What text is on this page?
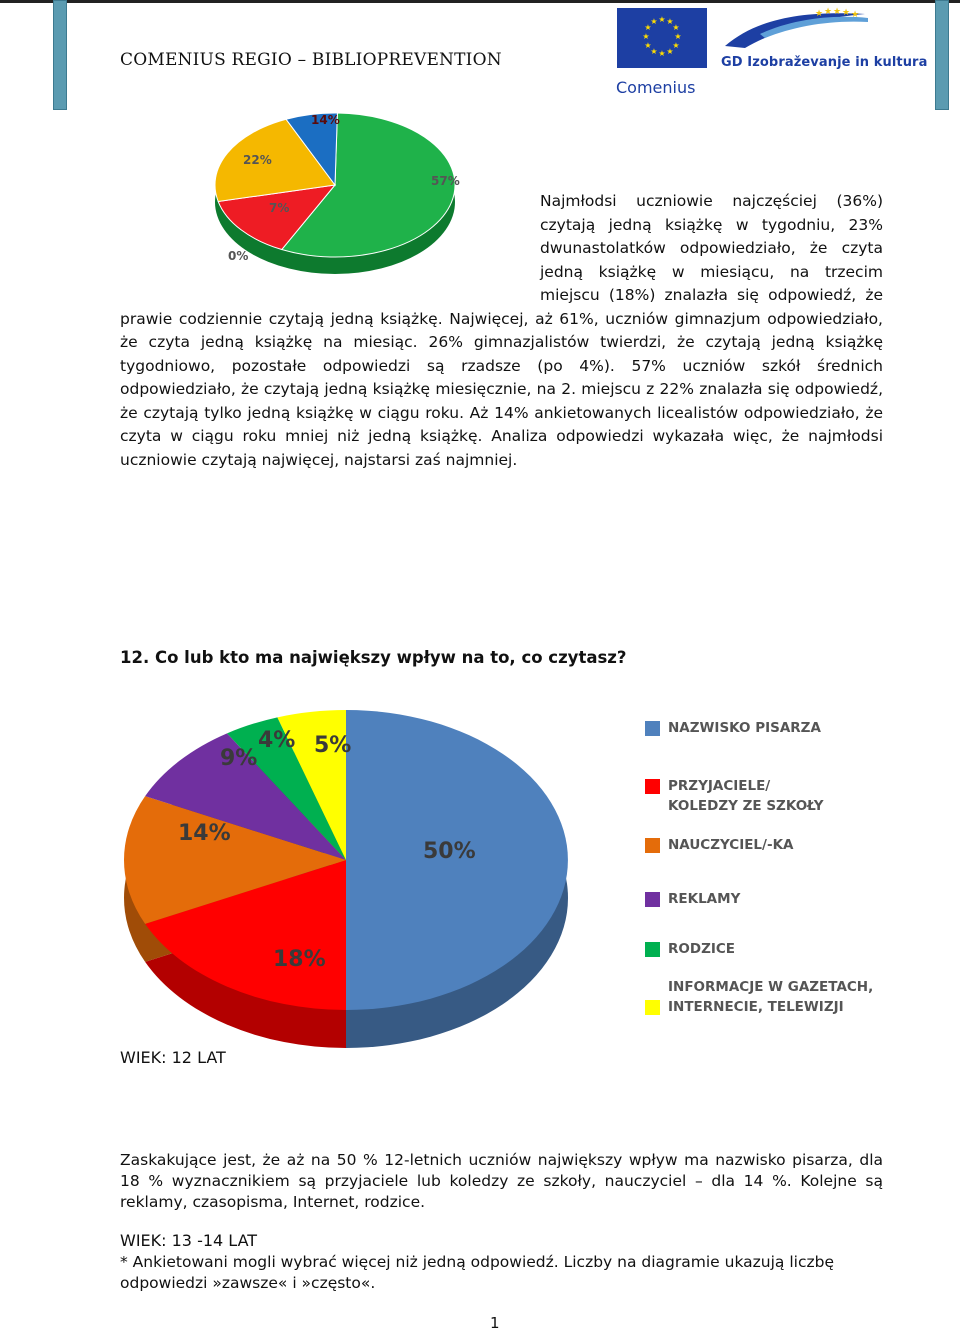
COMENIUS REGIO – BIBLIOPREVENTION
★ ★
★
★
★
★
★
★
★
★
★
★
Comenius
★ ★ ★ ★ ★
GD Izobraževanje in kultura
57%
14%
22%
7%
0%
Najmłodsi uczniowie najczęściej (36%) czytają jedną książkę w tygodniu, 23% dwunastolatków odpowiedziało, że czyta jedną książkę w miesiącu, na trzecim miejscu (18%) znalazła się odpowiedź, że prawie codziennie czytają jedną książkę. Najwięcej, aż 61%, uczniów gimnazjum odpowiedziało, że czyta jedną książkę na miesiąc. 26% gimnazjalistów twierdzi, że czytają jedną książkę tygodniowo, pozostałe odpowiedzi są rzadsze (po 4%). 57% uczniów szkół średnich odpowiedziało, że czytają jedną książkę miesięcznie, na 2. miejscu z 22% znalazła się odpowiedź, że czytają tylko jedną książkę w ciągu roku. Aż 14% ankietowanych licealistów odpowiedziało, że czyta w ciągu roku mniej niż jedną książkę. Analiza odpowiedzi wykazała więc, że najmłodsi uczniowie czytają najwięcej, najstarsi zaś najmniej.
12. Co lub kto ma największy wpływ na to, co czytasz?
50%
18%
14%
9%
4% 5%
NAZWISKO PISARZA
PRZYJACIELE/
KOLEDZY ZE SZKOŁY
NAUCZYCIEL/-KA
REKLAMY
RODZICE
INFORMACJE W GAZETACH,
INTERNECIE, TELEWIZJI
WIEK: 12 LAT
Zaskakujące jest, że aż na 50 % 12-letnich uczniów największy wpływ ma nazwisko pisarza, dla 18 % wyznacznikiem są przyjaciele lub koledzy ze szkoły, nauczyciel – dla 14 %. Kolejne są reklamy, czasopisma, Internet, rodzice.
WIEK: 13 -14 LAT
* Ankietowani mogli wybrać więcej niż jedną odpowiedź. Liczby na diagramie ukazują liczbę odpowiedzi »zawsze« i »często«.
1
